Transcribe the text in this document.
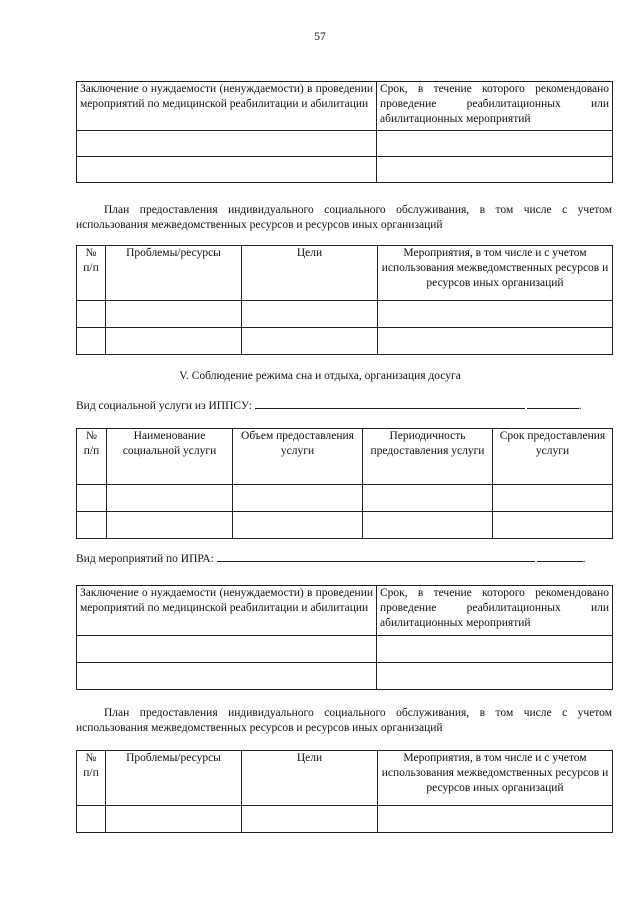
57
Заключение о нуждаемости (ненуждаемости) в проведении мероприятий по медицинской реабилитации и абилитации	Срок, в течение которого рекомендовано проведение реабилитационных или абилитационных мероприятий

План предоставления индивидуального социального обслуживания, в том числе с учетом использования межведомственных ресурсов и ресурсов иных организаций
№ п/п	Проблемы/ресурсы	Цели	Мероприятия, в том числе и с учетом использования межведомственных ресурсов и ресурсов иных организаций

V. Соблюдение режима сна и отдыха, организация досуга
Вид социальной услуги из ИППСУ:	.
№ п/п	Наименование социальной услуги	Объем предоставления услуги	Периодичность предоставления услуги	Срок предоставления услуги

Вид мероприятий по ИПРА:	.
Заключение о нуждаемости (ненуждаемости) в проведении мероприятий по медицинской реабилитации и абилитации	Срок, в течение которого рекомендовано проведение реабилитационных или абилитационных мероприятий

План предоставления индивидуального социального обслуживания, в том числе с учетом использования межведомственных ресурсов и ресурсов иных организаций
№ п/п	Проблемы/ресурсы	Цели	Мероприятия, в том числе и с учетом использования межведомственных ресурсов и ресурсов иных организаций
